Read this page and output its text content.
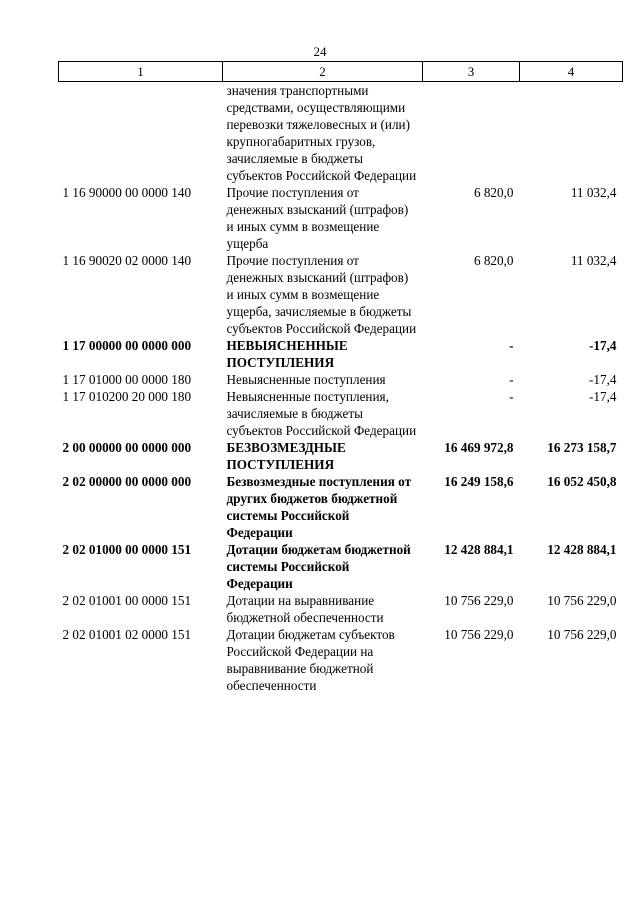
24
1	2	3	4
	значения транспортными средствами, осуществляющими перевозки тяжеловесных и (или) крупногабаритных грузов, зачисляемые в бюджеты субъектов Российской Федерации		
1 16 90000 00 0000 140	Прочие поступления от денежных взысканий (штрафов) и иных сумм в возмещение ущерба	6 820,0	11 032,4
1 16 90020 02 0000 140	Прочие поступления от денежных взысканий (штрафов) и иных сумм в возмещение ущерба, зачисляемые в бюджеты субъектов Российской Федерации	6 820,0	11 032,4
1 17 00000 00 0000 000	НЕВЫЯСНЕННЫЕ ПОСТУПЛЕНИЯ	-	-17,4
1 17 01000 00 0000 180	Невыясненные поступления	-	-17,4
1 17 010200 20 000 180	Невыясненные поступления, зачисляемые в бюджеты субъектов Российской Федерации	-	-17,4
2 00 00000 00 0000 000	БЕЗВОЗМЕЗДНЫЕ ПОСТУПЛЕНИЯ	16 469 972,8	16 273 158,7
2 02 00000 00 0000 000	Безвозмездные поступления от других бюджетов бюджетной системы Российской Федерации	16 249 158,6	16 052 450,8
2 02 01000 00 0000 151	Дотации бюджетам бюджетной системы Российской Федерации	12 428 884,1	12 428 884,1
2 02 01001 00 0000 151	Дотации на выравнивание бюджетной обеспеченности	10 756 229,0	10 756 229,0
2 02 01001 02 0000 151	Дотации бюджетам субъектов Российской Федерации на выравнивание бюджетной обеспеченности	10 756 229,0	10 756 229,0
